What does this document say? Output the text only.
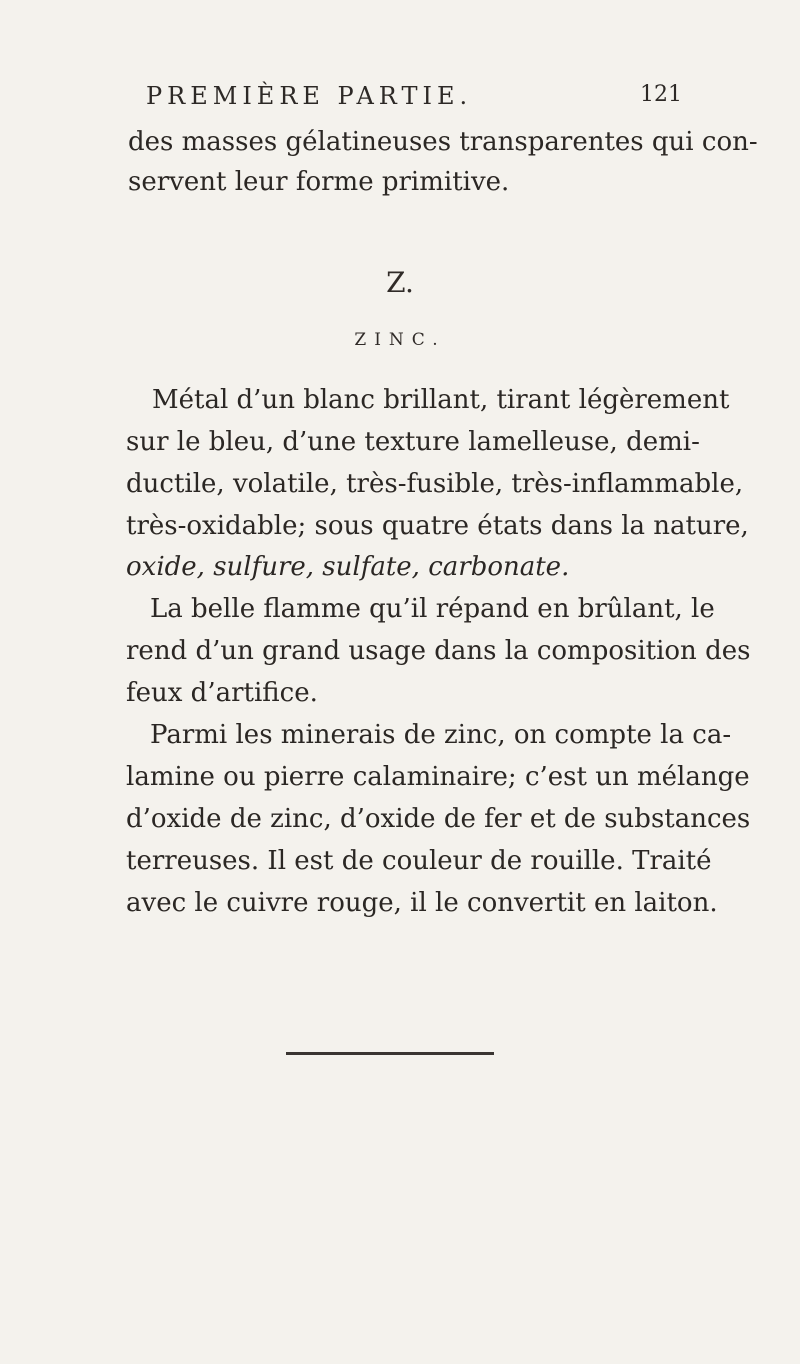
PREMIÈRE PARTIE.	121
des masses gélatineuses transparentes qui con-
servent leur forme primitive.
Z.
ZINC.
Métal d’un blanc brillant, tirant légèrement
sur le bleu, d’une texture lamelleuse, demi-
ductile, volatile, très-fusible, très-inflammable,
très-oxidable; sous quatre états dans la nature,
oxide, sulfure, sulfate, carbonate.
La belle flamme qu’il répand en brûlant, le
rend d’un grand usage dans la composition des
feux d’artifice.
Parmi les minerais de zinc, on compte la ca-
lamine ou pierre calaminaire; c’est un mélange
d’oxide de zinc, d’oxide de fer et de substances
terreuses. Il est de couleur de rouille. Traité
avec le cuivre rouge, il le convertit en laiton.
